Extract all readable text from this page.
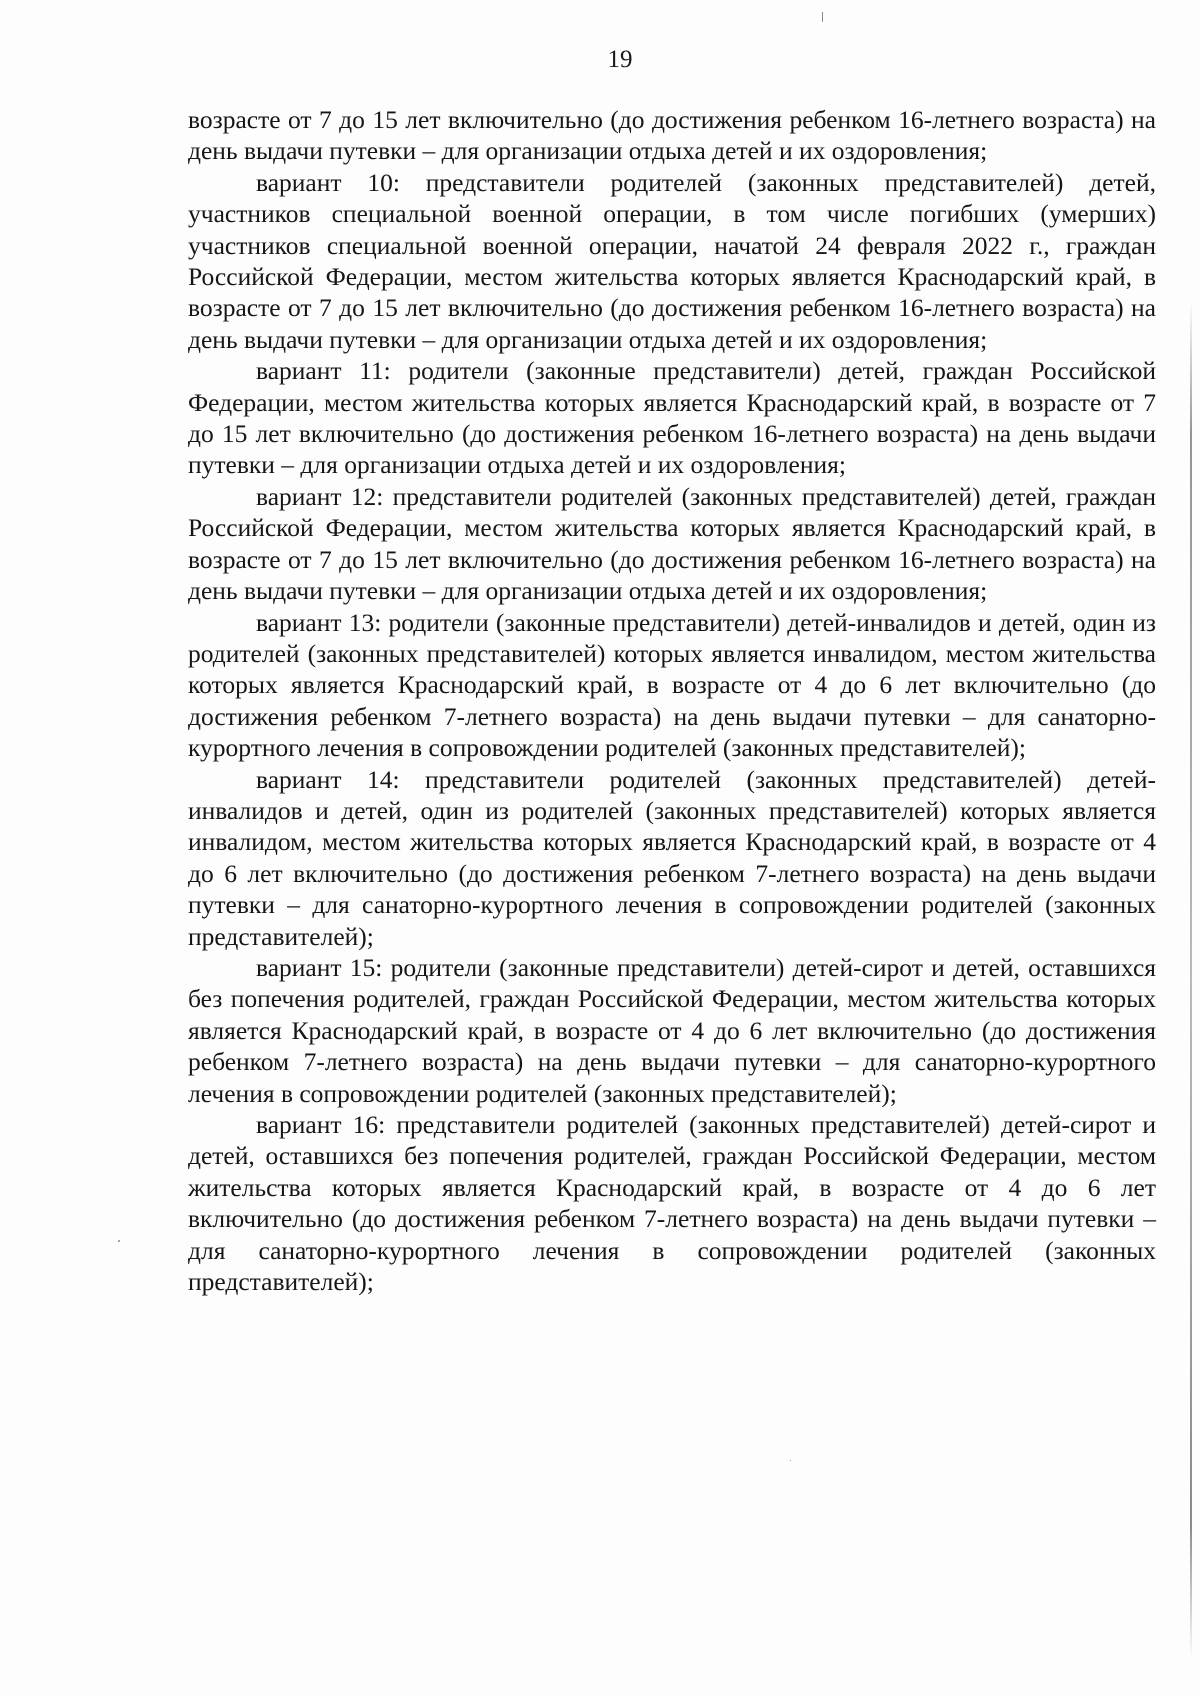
19

возрасте от 7 до 15 лет включительно (до достижения ребенком 16-летнего возраста) на день выдачи путевки – для организации отдыха детей и их оздоровления;

вариант 10: представители родителей (законных представителей) детей, участников специальной военной операции, в том числе погибших (умерших) участников специальной военной операции, начатой 24 февраля 2022 г., граждан Российской Федерации, местом жительства которых является Краснодарский край, в возрасте от 7 до 15 лет включительно (до достижения ребенком 16-летнего возраста) на день выдачи путевки – для организации отдыха детей и их оздоровления;

вариант 11: родители (законные представители) детей, граждан Российской Федерации, местом жительства которых является Краснодарский край, в возрасте от 7 до 15 лет включительно (до достижения ребенком 16-летнего возраста) на день выдачи путевки – для организации отдыха детей и их оздоровления;

вариант 12: представители родителей (законных представителей) детей, граждан Российской Федерации, местом жительства которых является Краснодарский край, в возрасте от 7 до 15 лет включительно (до достижения ребенком 16-летнего возраста) на день выдачи путевки – для организации отдыха детей и их оздоровления;

вариант 13: родители (законные представители) детей-инвалидов и детей, один из родителей (законных представителей) которых является инвалидом, местом жительства которых является Краснодарский край, в возрасте от 4 до 6 лет включительно (до достижения ребенком 7-летнего возраста) на день выдачи путевки – для санаторно-курортного лечения в сопровождении родителей (законных представителей);

вариант 14: представители родителей (законных представителей) детей-инвалидов и детей, один из родителей (законных представителей) которых является инвалидом, местом жительства которых является Краснодарский край, в возрасте от 4 до 6 лет включительно (до достижения ребенком 7-летнего возраста) на день выдачи путевки – для санаторно-курортного лечения в сопровождении родителей (законных представителей);

вариант 15: родители (законные представители) детей-сирот и детей, оставшихся без попечения родителей, граждан Российской Федерации, местом жительства которых является Краснодарский край, в возрасте от 4 до 6 лет включительно (до достижения ребенком 7-летнего возраста) на день выдачи путевки – для санаторно-курортного лечения в сопровождении родителей (законных представителей);

вариант 16: представители родителей (законных представителей) детей-сирот и детей, оставшихся без попечения родителей, граждан Российской Федерации, местом жительства которых является Краснодарский край, в возрасте от 4 до 6 лет включительно (до достижения ребенком 7-летнего возраста) на день выдачи путевки – для санаторно-курортного лечения в сопровождении родителей (законных представителей);
